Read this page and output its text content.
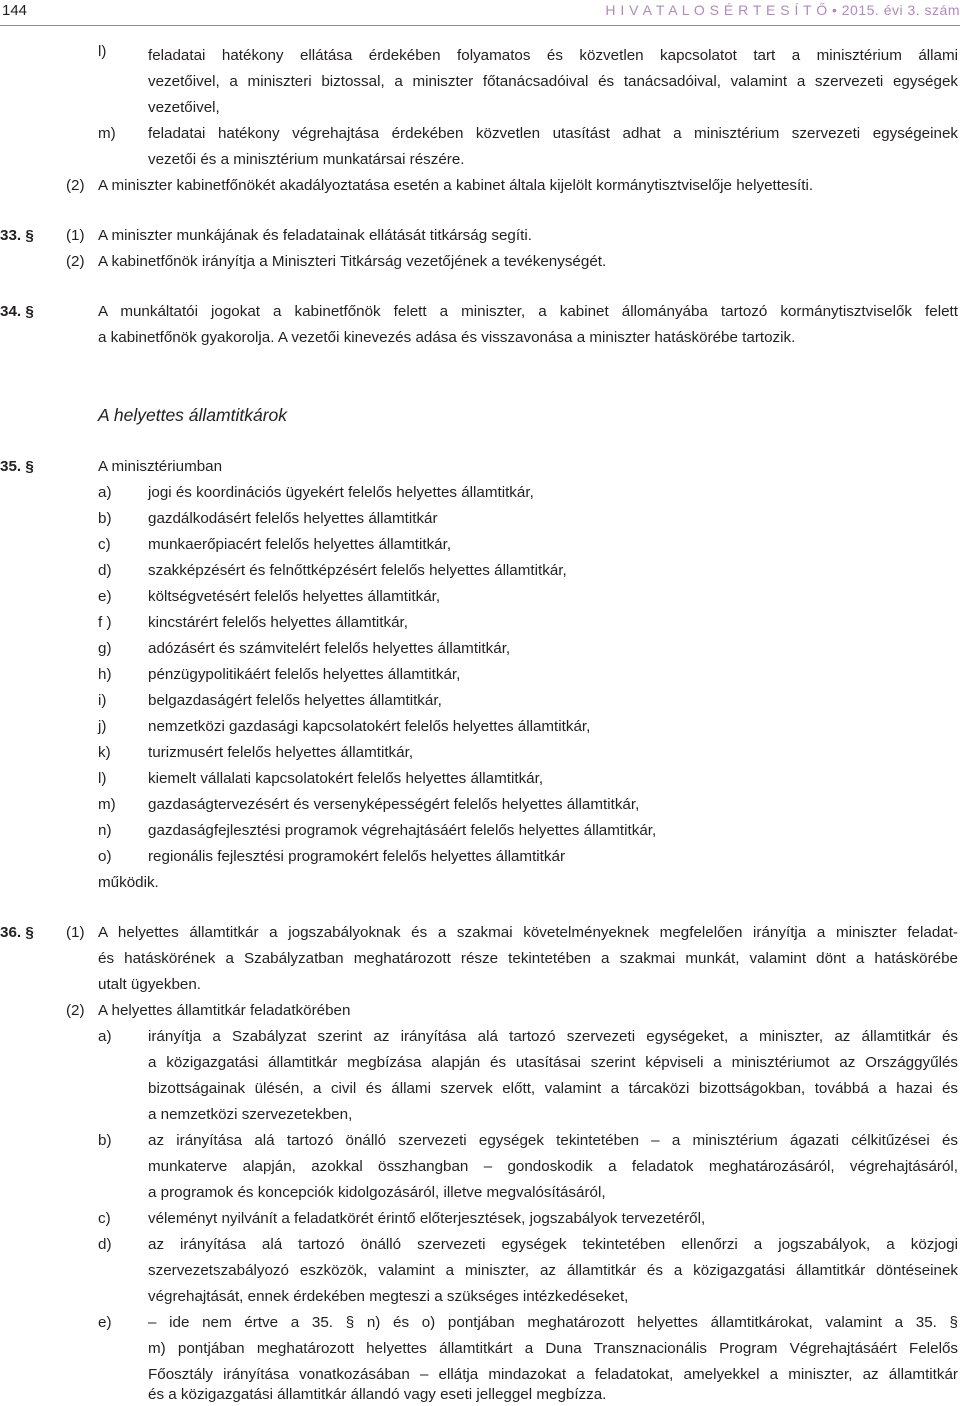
144	H I V A T A L O S É R T E S Í T Ő • 2015. évi 3. szám
l)	feladatai hatékony ellátása érdekében folyamatos és közvetlen kapcsolatot tart a minisztérium állami
vezetőivel, a miniszteri biztossal, a miniszter főtanácsadóival és tanácsadóival, valamint a szervezeti egységek
vezetőivel,
m) feladatai hatékony végrehajtása érdekében közvetlen utasítást adhat a minisztérium szervezeti egységeinek
vezetői és a minisztérium munkatársai részére.
(2) A miniszter kabinetfőnökét akadályoztatása esetén a kabinet általa kijelölt kormánytisztviselője helyettesíti.
33. § (1) A miniszter munkájának és feladatainak ellátását titkárság segíti.
(2) A kabinetfőnök irányítja a Miniszteri Titkárság vezetőjének a tevékenységét.
34. §	A munkáltatói jogokat a kabinetfőnök felett a miniszter, a kabinet állományába tartozó kormánytisztviselők felett
a kabinetfőnök gyakorolja. A vezetői kinevezés adása és visszavonása a miniszter hatáskörébe tartozik.
A helyettes államtitkárok
35. §	A minisztériumban
a) jogi és koordinációs ügyekért felelős helyettes államtitkár,
b) gazdálkodásért felelős helyettes államtitkár
c) munkaerőpiacért felelős helyettes államtitkár,
d) szakképzésért és felnőttképzésért felelős helyettes államtitkár,
e) költségvetésért felelős helyettes államtitkár,
f ) kincstárért felelős helyettes államtitkár,
g) adózásért és számvitelért felelős helyettes államtitkár,
h) pénzügypolitikáért felelős helyettes államtitkár,
i)	belgazdaságért felelős helyettes államtitkár,
j)	nemzetközi gazdasági kapcsolatokért felelős helyettes államtitkár,
k) turizmusért felelős helyettes államtitkár,
l)	kiemelt vállalati kapcsolatokért felelős helyettes államtitkár,
m) gazdaságtervezésért és versenyképességért felelős helyettes államtitkár,
n) gazdaságfejlesztési programok végrehajtásáért felelős helyettes államtitkár,
o) regionális fejlesztési programokért felelős helyettes államtitkár
működik.
36. § (1) A helyettes államtitkár a jogszabályoknak és a szakmai követelményeknek megfelelően irányítja a miniszter feladat-
és hatáskörének a Szabályzatban meghatározott része tekintetében a szakmai munkát, valamint dönt a hatáskörébe
utalt ügyekben.
(2) A helyettes államtitkár feladatkörében
a) irányítja a Szabályzat szerint az irányítása alá tartozó szervezeti egységeket, a miniszter, az államtitkár és
a közigazgatási államtitkár megbízása alapján és utasításai szerint képviseli a minisztériumot az Országgyűlés
bizottságainak ülésén, a civil és állami szervek előtt, valamint a tárcaközi bizottságokban, továbbá a hazai és
a nemzetközi szervezetekben,
b) az irányítása alá tartozó önálló szervezeti egységek tekintetében – a minisztérium ágazati célkitűzései és
munkaterve alapján, azokkal összhangban – gondoskodik a feladatok meghatározásáról, végrehajtásáról,
a programok és koncepciók kidolgozásáról, illetve megvalósításáról,
c) véleményt nyilvánít a feladatkörét érintő előterjesztések, jogszabályok tervezetéről,
d) az irányítása alá tartozó önálló szervezeti egységek tekintetében ellenőrzi a jogszabályok, a közjogi
szervezetszabályozó eszközök, valamint a miniszter, az államtitkár és a közigazgatási államtitkár döntéseinek
végrehajtását, ennek érdekében megteszi a szükséges intézkedéseket,
e) – ide nem értve a 35. § n) és o) pontjában meghatározott helyettes államtitkárokat, valamint a 35. §
m) pontjában meghatározott helyettes államtitkárt a Duna Transznacionális Program Végrehajtásáért Felelős
Főosztály irányítása vonatkozásában – ellátja mindazokat a feladatokat, amelyekkel a miniszter, az államtitkár
és a közigazgatási államtitkár állandó vagy eseti jelleggel megbízza.
